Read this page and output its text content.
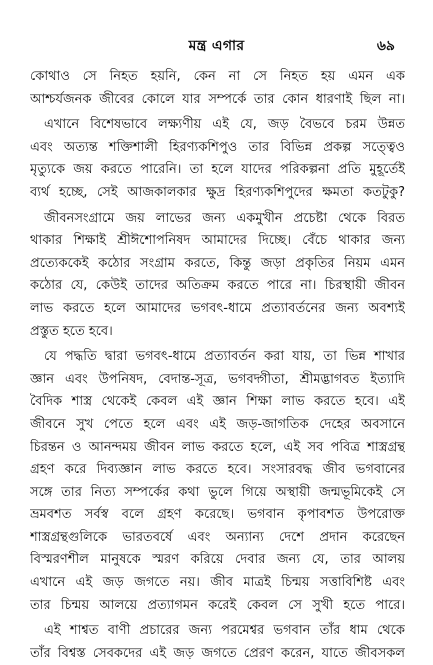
মন্ত্র এগার	৬৯
কোথাও সে নিহত হয়নি, কেন না সে নিহত হয় এমন এক
আশ্চর্যজনক জীবের কোলে যার সম্পর্কে তার কোন ধারণাই ছিল না।
এখানে বিশেষভাবে লক্ষ্যণীয় এই যে, জড় বৈভবে চরম উন্নত
এবং অত্যন্ত শক্তিশালী হিরণ্যকশিপুও তার বিভিন্ন প্রকল্প সত্ত্বেও
মৃত্যুকে জয় করতে পারেনি। তা হলে যাদের পরিকল্পনা প্রতি মুহূর্তেই
ব্যর্থ হচ্ছে, সেই আজকালকার ক্ষুদ্র হিরণ্যকশিপুদের ক্ষমতা কতটুকু?
জীবনসংগ্রামে জয় লাভের জন্য একমুখীন প্রচেষ্টা থেকে বিরত
থাকার শিক্ষাই শ্রীঈশোপনিষদ আমাদের দিচ্ছে। বেঁচে থাকার জন্য
প্রত্যেককেই কঠোর সংগ্রাম করতে, কিন্তু জড়া প্রকৃতির নিয়ম এমন
কঠোর যে, কেউই তাদের অতিক্রম করতে পারে না। চিরস্থায়ী জীবন
লাভ করতে হলে আমাদের ভগবৎ-ধামে প্রত্যাবর্তনের জন্য অবশ্যই
প্রস্তুত হতে হবে।
যে পদ্ধতি দ্বারা ভগবৎ-ধামে প্রত্যাবর্তন করা যায়, তা ভিন্ন শাখার
জ্ঞান এবং উপনিষদ, বেদান্ত-সূত্র, ভগবদ্গীতা, শ্রীমদ্ভাগবত ইত্যাদি
বৈদিক শাস্ত্র থেকেই কেবল এই জ্ঞান শিক্ষা লাভ করতে হবে। এই
জীবনে সুখ পেতে হলে এবং এই জড়-জাগতিক দেহের অবসানে
চিরন্তন ও আনন্দময় জীবন লাভ করতে হলে, এই সব পবিত্র শাস্ত্রগ্রন্থ
গ্রহণ করে দিব্যজ্ঞান লাভ করতে হবে। সংসারবদ্ধ জীব ভগবানের
সঙ্গে তার নিত্য সম্পর্কের কথা ভুলে গিয়ে অস্থায়ী জন্মভূমিকেই সে
ভ্রমবশত সর্বস্ব বলে গ্রহণ করেছে। ভগবান কৃপাবশত উপরোক্ত
শাস্ত্রগ্রন্থগুলিকে ভারতবর্ষে এবং অন্যান্য দেশে প্রদান করেছেন
বিস্মরণশীল মানুষকে স্মরণ করিয়ে দেবার জন্য যে, তার আলয়
এখানে এই জড় জগতে নয়। জীব মাত্রই চিন্ময় সত্তাবিশিষ্ট এবং
তার চিন্ময় আলয়ে প্রত্যাগমন করেই কেবল সে সুখী হতে পারে।
এই শাশ্বত বাণী প্রচারের জন্য পরমেশ্বর ভগবান তাঁর ধাম থেকে
তাঁর বিশ্বস্ত সেবকদের এই জড় জগতে প্রেরণ করেন, যাতে জীবসকল
